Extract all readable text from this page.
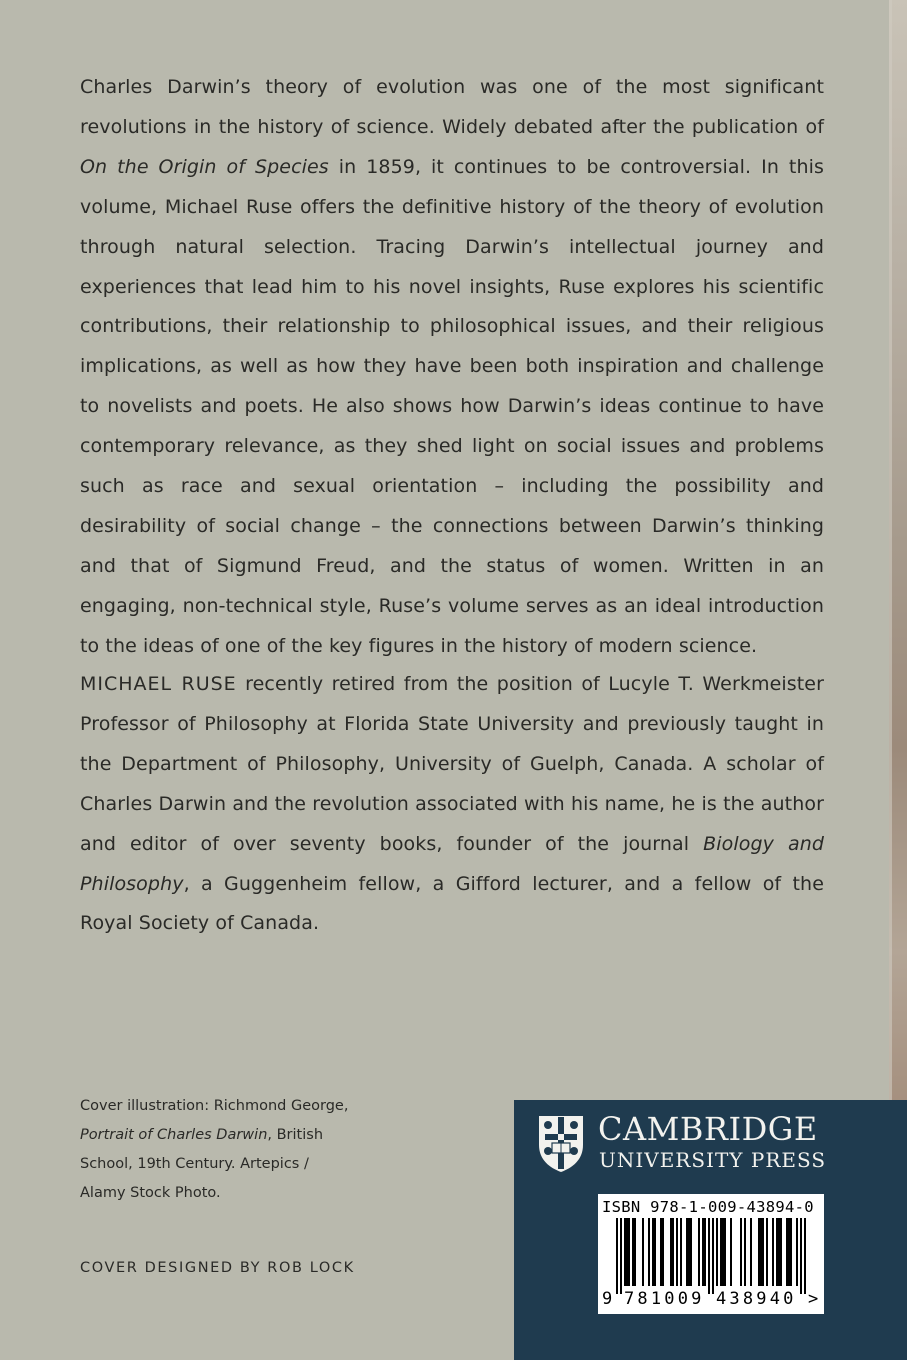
Charles Darwin’s theory of evolution was one of the most significant revolutions in the history of science. Widely debated after the publication of On the Origin of Species in 1859, it continues to be controversial. In this volume, Michael Ruse offers the definitive history of the theory of evolution through natural selection. Tracing Darwin’s intellectual journey and experiences that lead him to his novel insights, Ruse explores his scientific contributions, their relationship to philosophical issues, and their religious implications, as well as how they have been both inspiration and challenge to novelists and poets. He also shows how Darwin’s ideas continue to have contemporary relevance, as they shed light on social issues and problems such as race and sexual orientation – including the possibility and desirability of social change – the connections between Darwin’s thinking and that of Sigmund Freud, and the status of women. Written in an engaging, non-technical style, Ruse’s volume serves as an ideal introduction to the ideas of one of the key figures in the history of modern science.

MICHAEL RUSE recently retired from the position of Lucyle T. Werkmeister Professor of Philosophy at Florida State University and previously taught in the Department of Philosophy, University of Guelph, Canada. A scholar of Charles Darwin and the revolution associated with his name, he is the author and editor of over seventy books, founder of the journal Biology and Philosophy, a Guggenheim fellow, a Gifford lecturer, and a fellow of the Royal Society of Canada.

Cover illustration: Richmond George,
Portrait of Charles Darwin, British
School, 19th Century. Artepics /
Alamy Stock Photo.

COVER DESIGNED BY ROB LOCK

CAMBRIDGE

UNIVERSITY PRESS

ISBN 978-1-009-43894-0

9 781009 438940 >
